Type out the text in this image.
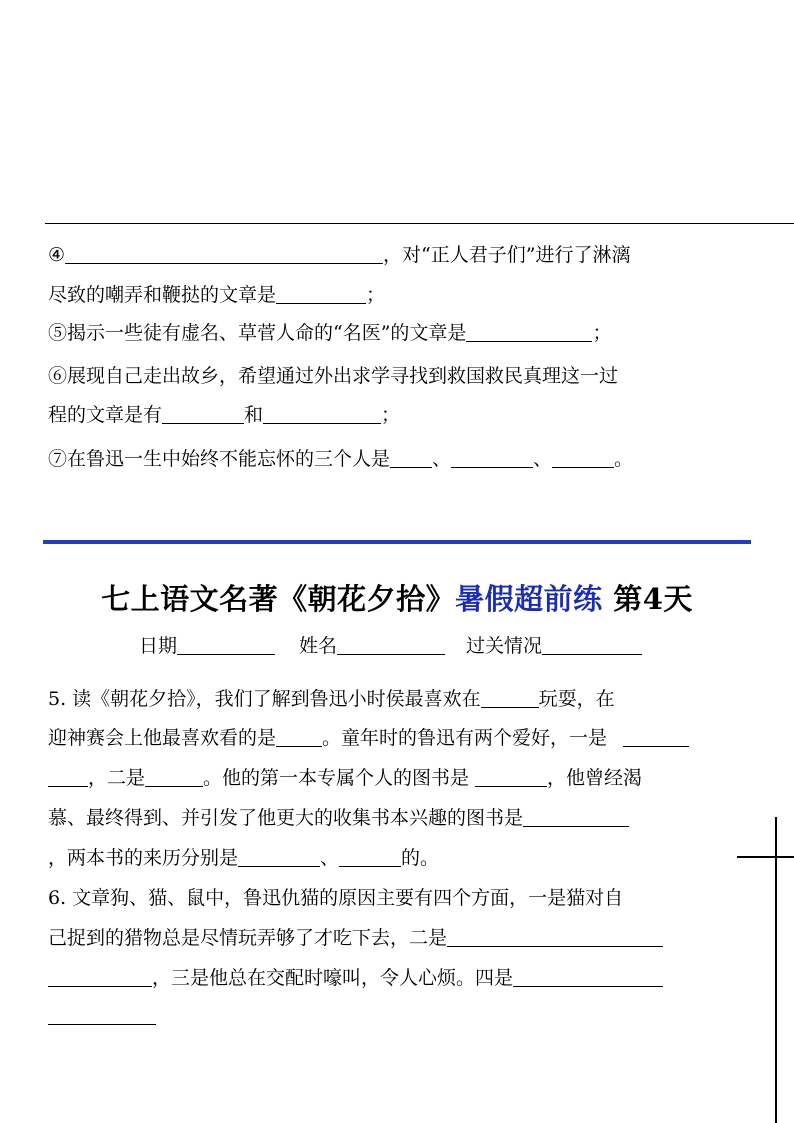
④	，对“正人君子们”进行了淋漓
尽致的嘲弄和鞭挞的文章是	；
⑤揭示一些徒有虚名、草菅人命的“名医”的文章是	；
⑥展现自己走出故乡，希望通过外出求学寻找到救国救民真理这一过
程的文章是有	和	；
⑦在鲁迅一生中始终不能忘怀的三个人是 、	、	。
七上语文名著《朝花夕拾》暑假超前练 第4天
日期	姓名	过关情况
5. 读《朝花夕拾》，我们了解到鲁迅小时侯最喜欢在	玩耍，在
迎神赛会上他最喜欢看的是 。童年时的鲁迅有两个爱好，一是
，二是	。他的第一本专属个人的图书是	，他曾经渴
慕、最终得到、并引发了他更大的收集书本兴趣的图书是
，两本书的来历分别是	、	的。
6. 文章狗、猫、鼠中，鲁迅仇猫的原因主要有四个方面，一是猫对自
己捉到的猎物总是尽情玩弄够了才吃下去，二是
，三是他总在交配时嚎叫，令人心烦。四是
